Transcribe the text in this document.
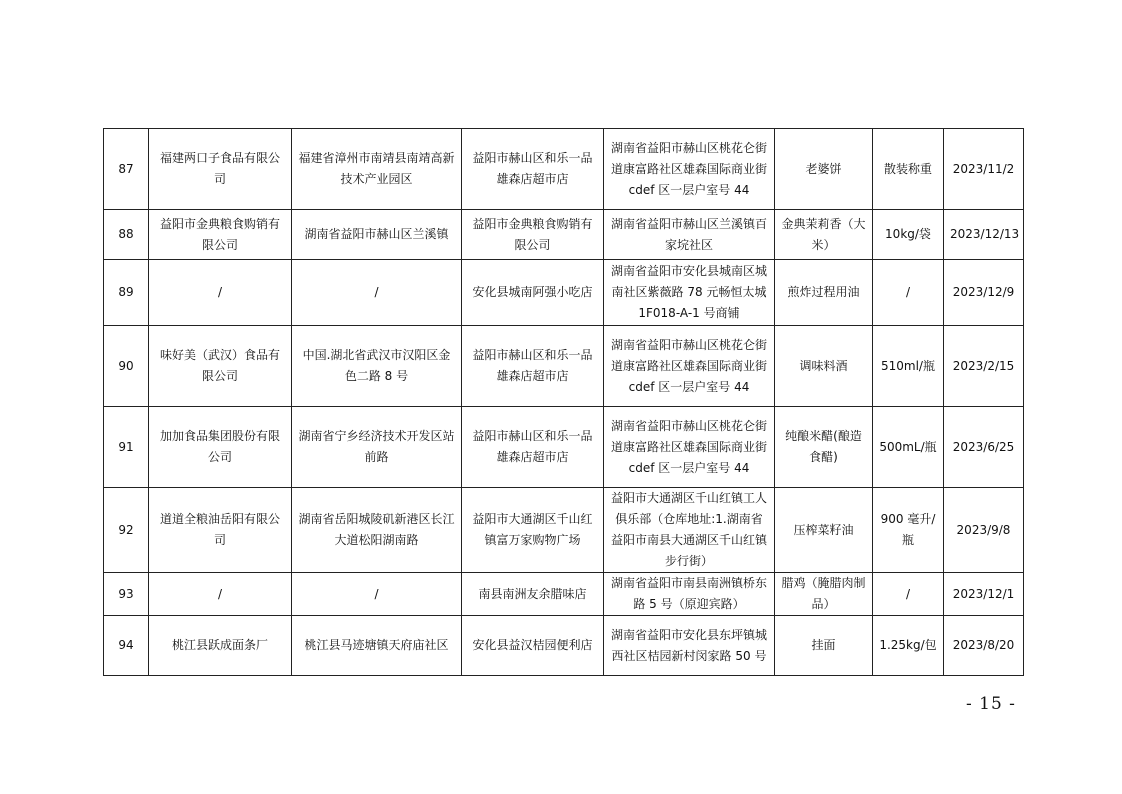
87	福建两口子食品有限公司	福建省漳州市南靖县南靖高新技术产业园区	益阳市赫山区和乐一品雄森店超市店	湖南省益阳市赫山区桃花仑街道康富路社区雄森国际商业街 cdef 区一层户室号 44	老婆饼	散装称重	2023/11/2
88	益阳市金典粮食购销有限公司	湖南省益阳市赫山区兰溪镇	益阳市金典粮食购销有限公司	湖南省益阳市赫山区兰溪镇百家垸社区	金典茉莉香（大米）	10kg/袋	2023/12/13
89	/	/	安化县城南阿强小吃店	湖南省益阳市安化县城南区城南社区紫薇路 78 元畅恒太城 1F018-A-1 号商铺	煎炸过程用油	/	2023/12/9
90	味好美（武汉）食品有限公司	中国.湖北省武汉市汉阳区金色二路 8 号	益阳市赫山区和乐一品雄森店超市店	湖南省益阳市赫山区桃花仑街道康富路社区雄森国际商业街 cdef 区一层户室号 44	调味料酒	510ml/瓶	2023/2/15
91	加加食品集团股份有限公司	湖南省宁乡经济技术开发区站前路	益阳市赫山区和乐一品雄森店超市店	湖南省益阳市赫山区桃花仑街道康富路社区雄森国际商业街 cdef 区一层户室号 44	纯酿米醋(酿造食醋)	500mL/瓶	2023/6/25
92	道道全粮油岳阳有限公司	湖南省岳阳城陵矶新港区长江大道松阳湖南路	益阳市大通湖区千山红镇富万家购物广场	益阳市大通湖区千山红镇工人俱乐部（仓库地址:1.湖南省益阳市南县大通湖区千山红镇步行街）	压榨菜籽油	900 毫升/瓶	2023/9/8
93	/	/	南县南洲友余腊味店	湖南省益阳市南县南洲镇桥东路 5 号（原迎宾路）	腊鸡（腌腊肉制品）	/	2023/12/1
94	桃江县跃成面条厂	桃江县马迹塘镇天府庙社区	安化县益汉桔园便利店	湖南省益阳市安化县东坪镇城西社区桔园新村闵家路 50 号	挂面	1.25kg/包	2023/8/20
- 15 -
